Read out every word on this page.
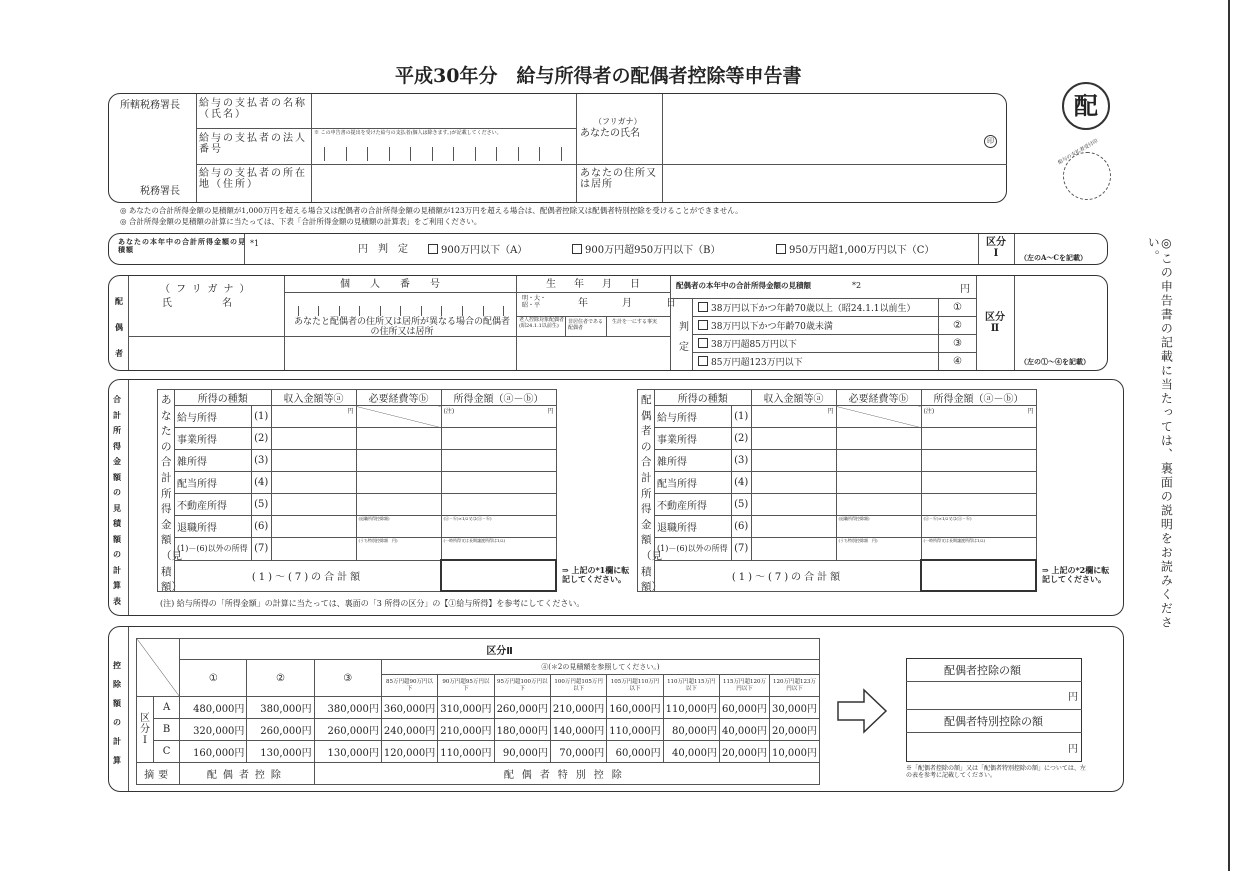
平成30年分　給与所得者の配偶者控除等申告書
配
給与の支払者受付印
◎この申告書の記載に当たっては、裏面の説明をお読みください。
所轄税務署長
税務署長
給与の支払者の名称（氏名）
給与の支払者の法人番号
※ この申告書の提出を受けた給与の支払者(個人は除きます。)が記載してください。
給与の支払者の所在地（住所）
（フリガナ）
あなたの氏名
印
あなたの住所又は居所
◎ あなたの合計所得金額の見積額が1,000万円を超える場合又は配偶者の合計所得金額の見積額が123万円を超える場合は、配偶者控除又は配偶者特別控除を受けることができません。
◎ 合計所得金額の見積額の計算に当たっては、下表「合計所得金額の見積額の計算表」をご利用ください。
あなたの本年中の合計所得金額の見積額
*1
円　判　定	900万円以下（A）	900万円超950万円以下（B）	950万円超1,000万円以下（C）
区分Ⅰ	（左のA～Cを記載）
配偶者
（フリガナ）
氏名
個人番号
あなたと配偶者の住所又は居所が異なる場合の配偶者の住所又は居所
生年月日
明・大・昭・平	年　月　日
老人控除対象配偶者(昭24.1.1以前生)
非居住者である配偶者
生計を一にする事実
配偶者の本年中の合計所得金額の見積額	*2	円
判定
38万円以下かつ年齢70歳以上（昭24.1.1以前生）	①
38万円以下かつ年齢70歳未満	②
38万円超85万円以下	③
85万円超123万円以下	④
区分Ⅱ
（左の①～④を記載）
合計所得金額の見積額の計算表	(注) 給与所得の「所得金額」の計算に当たっては、裏面の「3 所得の区分」の【①給与所得】を参考にしてください。
あなたの合計所得金額（見積額）
	所得の種類		収入金額等ⓐ	必要経費等ⓑ	所得金額（ⓐ－ⓑ）
	給与所得	(1)	円		(注) 円
	事業所得	(2)			
	雑所得	(3)			
	配当所得	(4)			
	不動産所得	(5)			
	退職所得	(6)		(退職所得控除額)	(ⓐ－ⓑ)×1/2又は(ⓐ－ⓑ)
	(1)－(6)以外の所得	(7)		(うち特別控除額　円)	(一時所得又は長期譲渡所得は1/2)
	(1)～(7)の合計額				
⇒ 上記の*1欄に転記してください。
配偶者の合計所得金額（見積額）
	所得の種類		収入金額等ⓐ	必要経費等ⓑ	所得金額（ⓐ－ⓑ）
	給与所得	(1)	円		(注) 円
	事業所得	(2)			
	雑所得	(3)			
	配当所得	(4)			
	不動産所得	(5)			
	退職所得	(6)		(退職所得控除額)	(ⓐ－ⓑ)×1/2又は(ⓐ－ⓑ)
	(1)－(6)以外の所得	(7)		(うち特別控除額　円)	(一時所得又は長期譲渡所得は1/2)
	(1)～(7)の合計額				
⇒ 上記の*2欄に転記してください。
控除額の計算
		区分Ⅱ										
		①	②	③	④(＊2の見積額を参照してください。)							
					85万円超90万円以下	90万円超95万円以下	95万円超100万円以下	100万円超105万円以下	105万円超110万円以下	110万円超115万円以下	115万円超120万円以下	120万円超123万円以下
区分Ⅰ	A	480,000円	380,000円	380,000円	360,000円	310,000円	260,000円	210,000円	160,000円	110,000円	60,000円	30,000円
	B	320,000円	260,000円	260,000円	240,000円	210,000円	180,000円	140,000円	110,000円	80,000円	40,000円	20,000円
	C	160,000円	130,000円	130,000円	120,000円	110,000円	90,000円	70,000円	60,000円	40,000円	20,000円	10,000円
摘要		配偶者控除		配偶者特別控除								
配偶者控除の額
円
配偶者特別控除の額
円
※「配偶者控除の額」又は「配偶者特別控除の額」については、左の表を参考に記載してください。
